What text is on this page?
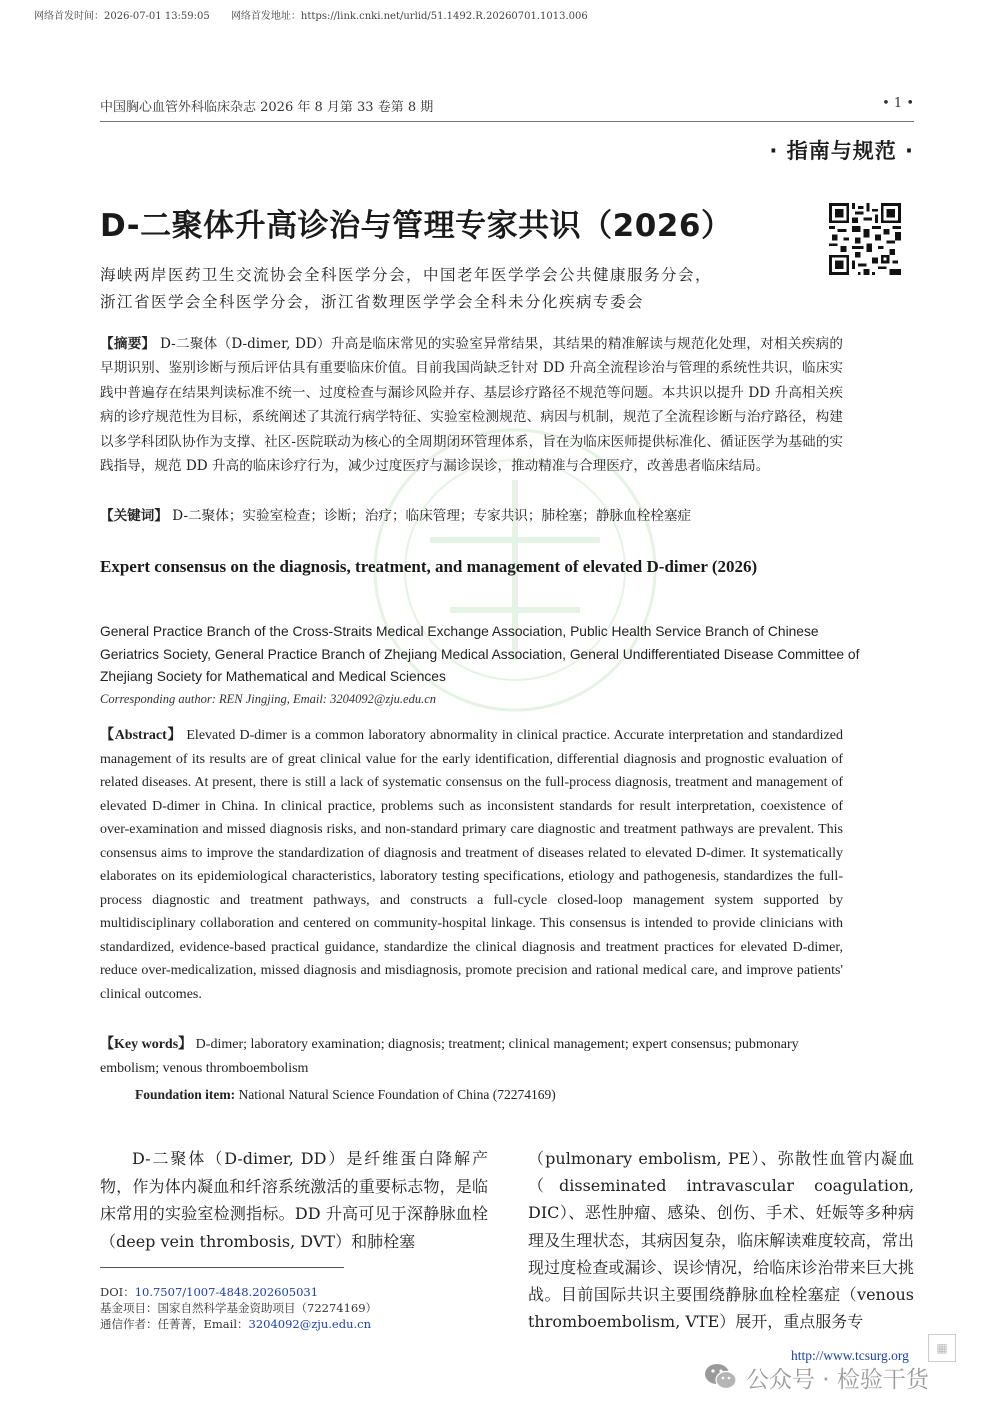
网络首发时间：2026-07-01 13:59:05 网络首发地址：https://link.cnki.net/urlid/51.1492.R.20260701.1013.006
中国胸心血管外科临床杂志 2026 年 8 月第 33 卷第 8 期	• 1 •
· 指南与规范 ·
D-二聚体升高诊治与管理专家共识（2026）
海峡两岸医药卫生交流协会全科医学分会，中国老年医学学会公共健康服务分会，
浙江省医学会全科医学分会，浙江省数理医学学会全科未分化疾病专委会
【摘要】 D-二聚体（D-dimer, DD）升高是临床常见的实验室异常结果，其结果的精准解读与规范化处理，对相关疾病的早期识别、鉴别诊断与预后评估具有重要临床价值。目前我国尚缺乏针对 DD 升高全流程诊治与管理的系统性共识，临床实践中普遍存在结果判读标准不统一、过度检查与漏诊风险并存、基层诊疗路径不规范等问题。本共识以提升 DD 升高相关疾病的诊疗规范性为目标，系统阐述了其流行病学特征、实验室检测规范、病因与机制，规范了全流程诊断与治疗路径，构建以多学科团队协作为支撑、社区-医院联动为核心的全周期闭环管理体系，旨在为临床医师提供标准化、循证医学为基础的实践指导，规范 DD 升高的临床诊疗行为，减少过度医疗与漏诊误诊，推动精准与合理医疗，改善患者临床结局。
【关键词】 D-二聚体；实验室检查；诊断；治疗；临床管理；专家共识；肺栓塞；静脉血栓栓塞症
Expert consensus on the diagnosis, treatment, and management of elevated D-dimer (2026)
General Practice Branch of the Cross-Straits Medical Exchange Association, Public Health Service Branch of Chinese Geriatrics Society, General Practice Branch of Zhejiang Medical Association, General Undifferentiated Disease Committee of Zhejiang Society for Mathematical and Medical Sciences
Corresponding author: REN Jingjing, Email: 3204092@zju.edu.cn
【Abstract】 Elevated D-dimer is a common laboratory abnormality in clinical practice. Accurate interpretation and standardized management of its results are of great clinical value for the early identification, differential diagnosis and prognostic evaluation of related diseases. At present, there is still a lack of systematic consensus on the full-process diagnosis, treatment and management of elevated D-dimer in China. In clinical practice, problems such as inconsistent standards for result interpretation, coexistence of over-examination and missed diagnosis risks, and non-standard primary care diagnostic and treatment pathways are prevalent. This consensus aims to improve the standardization of diagnosis and treatment of diseases related to elevated D-dimer. It systematically elaborates on its epidemiological characteristics, laboratory testing specifications, etiology and pathogenesis, standardizes the full-process diagnostic and treatment pathways, and constructs a full-cycle closed-loop management system supported by multidisciplinary collaboration and centered on community-hospital linkage. This consensus is intended to provide clinicians with standardized, evidence-based practical guidance, standardize the clinical diagnosis and treatment practices for elevated D-dimer, reduce over-medicalization, missed diagnosis and misdiagnosis, promote precision and rational medical care, and improve patients' clinical outcomes.
【Key words】 D-dimer; laboratory examination; diagnosis; treatment; clinical management; expert consensus; pubmonary embolism; venous thromboembolism
Foundation item: National Natural Science Foundation of China (72274169)
D-二聚体（D-dimer, DD）是纤维蛋白降解产物，作为体内凝血和纤溶系统激活的重要标志物，是临床常用的实验室检测指标。DD 升高可见于深静脉血栓（deep vein thrombosis, DVT）和肺栓塞
（pulmonary embolism, PE）、弥散性血管内凝血（disseminated intravascular coagulation, DIC）、恶性肿瘤、感染、创伤、手术、妊娠等多种病理及生理状态，其病因复杂，临床解读难度较高，常出现过度检查或漏诊、误诊情况，给临床诊治带来巨大挑战。目前国际共识主要围绕静脉血栓栓塞症（venous thromboembolism, VTE）展开，重点服务专
DOI：10.7507/1007-4848.202605031
基金项目：国家自然科学基金资助项目（72274169）
通信作者：任菁菁，Email：3204092@zju.edu.cn
http://www.tcsurg.org	▦
公众号 · 检验干货
